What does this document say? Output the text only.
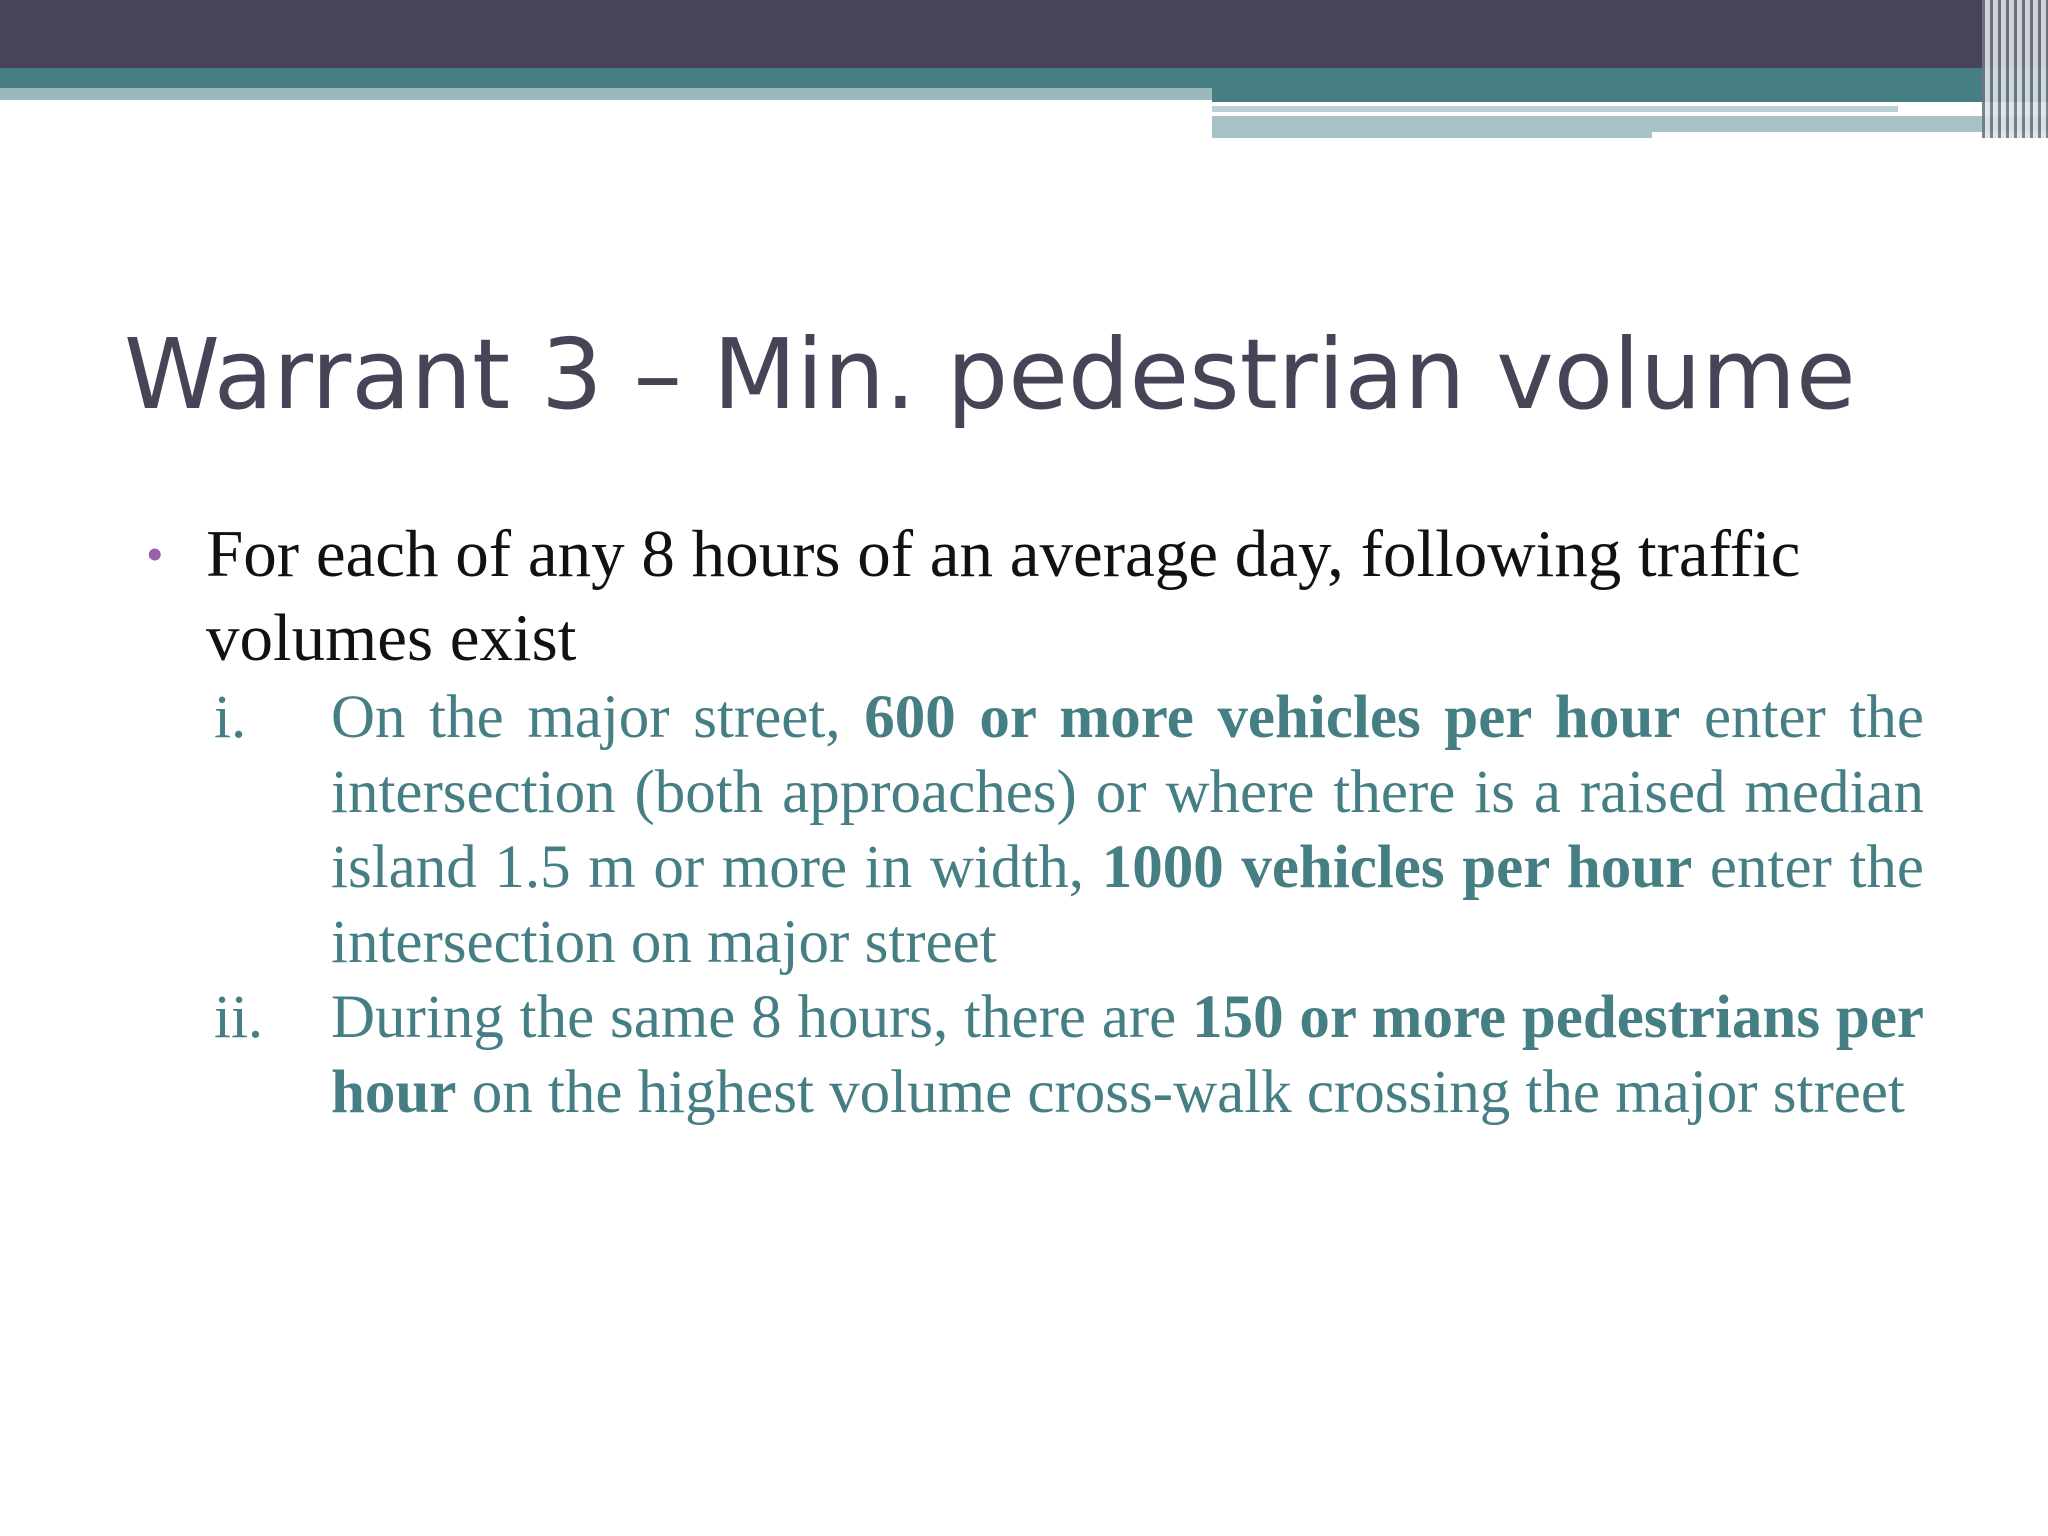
Warrant 3 – Min. pedestrian volume
• For each of any 8 hours of an average day, following traffic volumes exist
i. On the major street, 600 or more vehicles per hour enter the intersection (both approaches) or where there is a raised median island 1.5 m or more in width, 1000 vehicles per hour enter the intersection on major street
ii. During the same 8 hours, there are 150 or more pedestrians per hour on the highest volume cross-walk crossing the major street
